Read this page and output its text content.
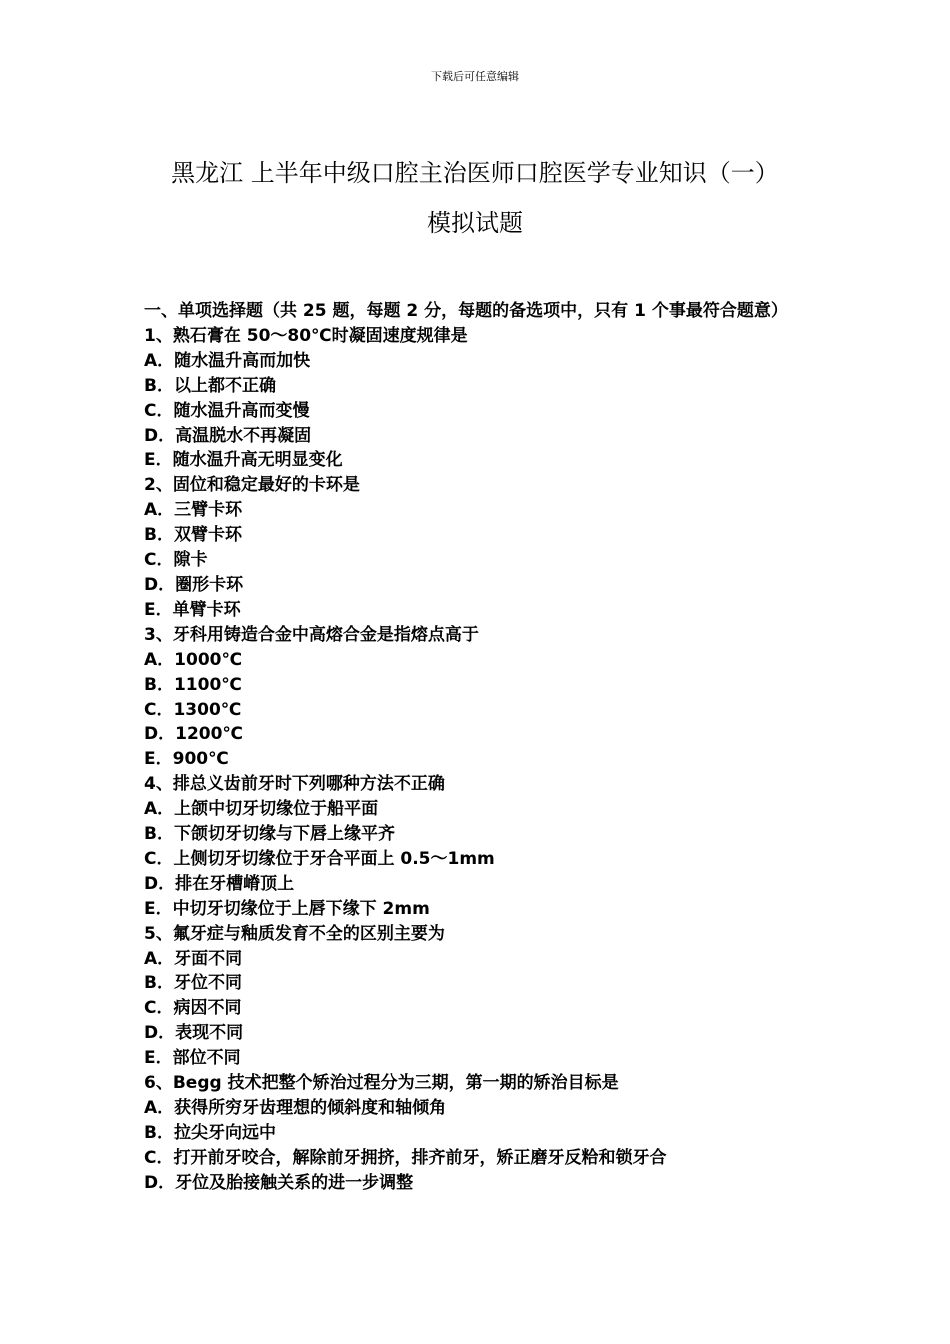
下载后可任意编辑
黑龙江 上半年中级口腔主治医师口腔医学专业知识（一）
模拟试题

一、单项选择题（共 25 题，每题 2 分，每题的备选项中，只有 1 个事最符合题意）

1、熟石膏在 50～80℃时凝固速度规律是

A．随水温升高而加快

B．以上都不正确

C．随水温升高而变慢

D．高温脱水不再凝固

E．随水温升高无明显变化

2、固位和稳定最好的卡环是

A．三臂卡环

B．双臂卡环

C．隙卡

D．圈形卡环

E．单臂卡环

3、牙科用铸造合金中高熔合金是指熔点高于

A．1000℃

B．1100℃

C．1300℃

D．1200℃

E．900℃

4、排总义齿前牙时下列哪种方法不正确

A．上颌中切牙切缘位于船平面

B．下颌切牙切缘与下唇上缘平齐

C．上侧切牙切缘位于牙合平面上 0.5～1mm

D．排在牙槽嵴顶上

E．中切牙切缘位于上唇下缘下 2mm

5、氟牙症与釉质发育不全的区别主要为

A．牙面不同

B．牙位不同

C．病因不同

D．表现不同

E．部位不同

6、Begg 技术把整个矫治过程分为三期，第一期的矫治目标是

A．获得所穷牙齿理想的倾斜度和轴倾角

B．拉尖牙向远中

C．打开前牙咬合，解除前牙拥挤，排齐前牙，矫正磨牙反粭和锁牙合

D．牙位及胎接触关系的进一步调整
